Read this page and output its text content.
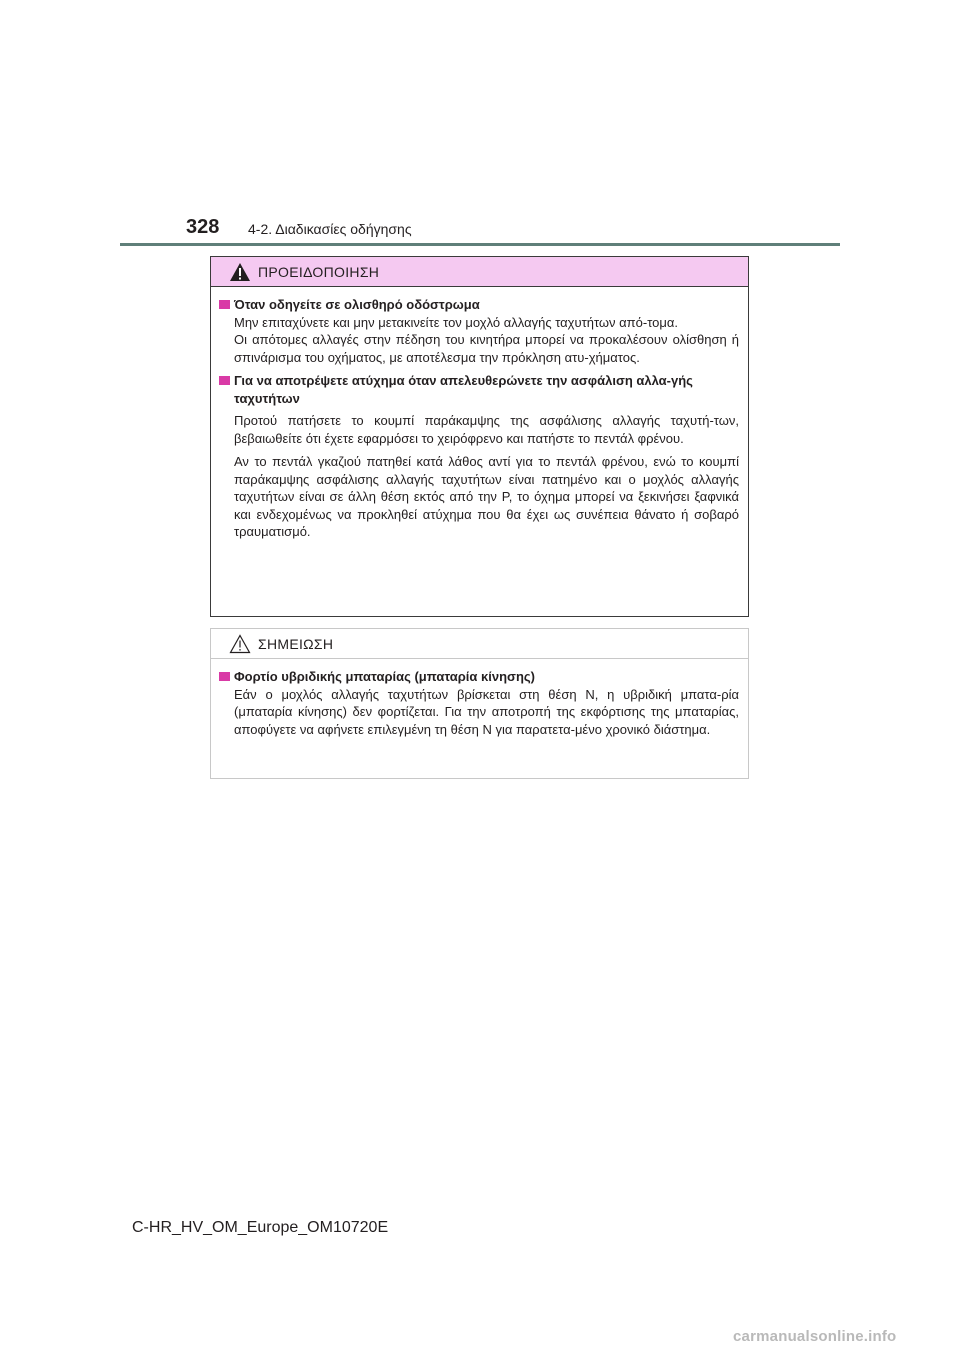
328 4-2. Διαδικασίες οδήγησης
ΠΡΟΕΙΔΟΠΟΙΗΣΗ
Όταν οδηγείτε σε ολισθηρό οδόστρωμα

Μην επιταχύνετε και μην μετακινείτε τον μοχλό αλλαγής ταχυτήτων από-τομα.

Οι απότομες αλλαγές στην πέδηση του κινητήρα μπορεί να προκαλέσουν ολίσθηση ή σπινάρισμα του οχήματος, με αποτέλεσμα την πρόκληση ατυ-χήματος.

Για να αποτρέψετε ατύχημα όταν απελευθερώνετε την ασφάλιση αλλα-γής ταχυτήτων

Προτού πατήσετε το κουμπί παράκαμψης της ασφάλισης αλλαγής ταχυτή-των, βεβαιωθείτε ότι έχετε εφαρμόσει το χειρόφρενο και πατήστε το πεντάλ φρένου.

Αν το πεντάλ γκαζιού πατηθεί κατά λάθος αντί για το πεντάλ φρένου, ενώ το κουμπί παράκαμψης ασφάλισης αλλαγής ταχυτήτων είναι πατημένο και ο μοχλός αλλαγής ταχυτήτων είναι σε άλλη θέση εκτός από την P, το όχημα μπορεί να ξεκινήσει ξαφνικά και ενδεχομένως να προκληθεί ατύχημα που θα έχει ως συνέπεια θάνατο ή σοβαρό τραυματισμό.

ΣΗΜΕΙΩΣΗ
Φορτίο υβριδικής μπαταρίας (μπαταρία κίνησης)

Εάν ο μοχλός αλλαγής ταχυτήτων βρίσκεται στη θέση N, η υβριδική μπατα-ρία (μπαταρία κίνησης) δεν φορτίζεται. Για την αποτροπή της εκφόρτισης της μπαταρίας, αποφύγετε να αφήνετε επιλεγμένη τη θέση N για παρατετα-μένο χρονικό διάστημα.

C-HR_HV_OM_Europe_OM10720E
carmanualsonline.info
